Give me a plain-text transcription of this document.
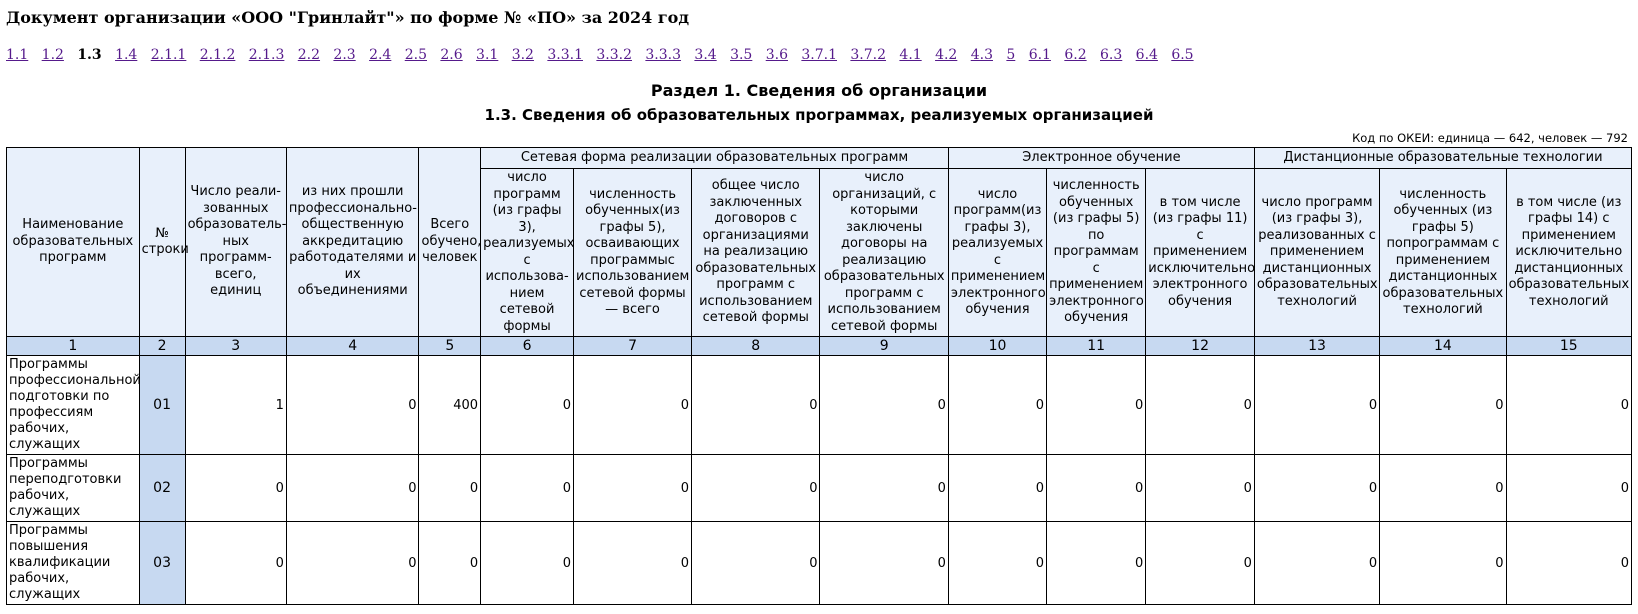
Документ организации «ООО "Гринлайт"» по форме № «ПО» за 2024 год
1.1 1.2 1.3 1.4 2.1.1 2.1.2 2.1.3 2.2 2.3 2.4 2.5 2.6 3.1 3.2 3.3.1 3.3.2 3.3.3 3.4 3.5 3.6 3.7.1 3.7.2 4.1 4.2 4.3 5 6.1 6.2 6.3 6.4 6.5
Раздел 1. Сведения об организации
1.3. Сведения об образовательных программах, реализуемых организацией
Код по ОКЕИ: единица — 642, человек — 792
Наименование образовательных программ	№ строки	Число реали-зованных образователь-ных программ-всего, единиц	из них прошли профессионально-общественную аккредитацию работодателями и их объединениями	Всего обучено, человек	Сетевая форма реализации образовательных программ				Электронное обучение			Дистанционные образовательные технологии		
					число программ (из графы 3), реализуемых с использова-нием сетевой формы	численность обученных(из графы 5), осваивающих программыс использованием сетевой формы — всего	общее число заключенных договоров с организациями на реализацию образовательных программ с использованием сетевой формы	число организаций, с которыми заключены договоры на реализацию образовательных программ с использованием сетевой формы	число программ(из графы 3), реализуемых с применением электронного обучения	численность обученных (из графы 5) по программам с применением электронного обучения	в том числе (из графы 11) с применением исключительно электронного обучения	число программ (из графы 3), реализованных с применением дистанционных образовательных технологий	численность обученных (из графы 5) попрограммам с применением дистанционных образовательных технологий	в том числе (из графы 14) с применением исключительно дистанционных образовательных технологий
1	2	3	4	5	6	7	8	9	10	11	12	13	14	15
Программы профессиональной подготовки по профессиям рабочих, служащих	01	1	0	400	0	0	0	0	0	0	0	0	0	0
Программы переподготовки рабочих, служащих	02	0	0	0	0	0	0	0	0	0	0	0	0	0
Программы повышения квалификации рабочих, служащих	03	0	0	0	0	0	0	0	0	0	0	0	0	0
